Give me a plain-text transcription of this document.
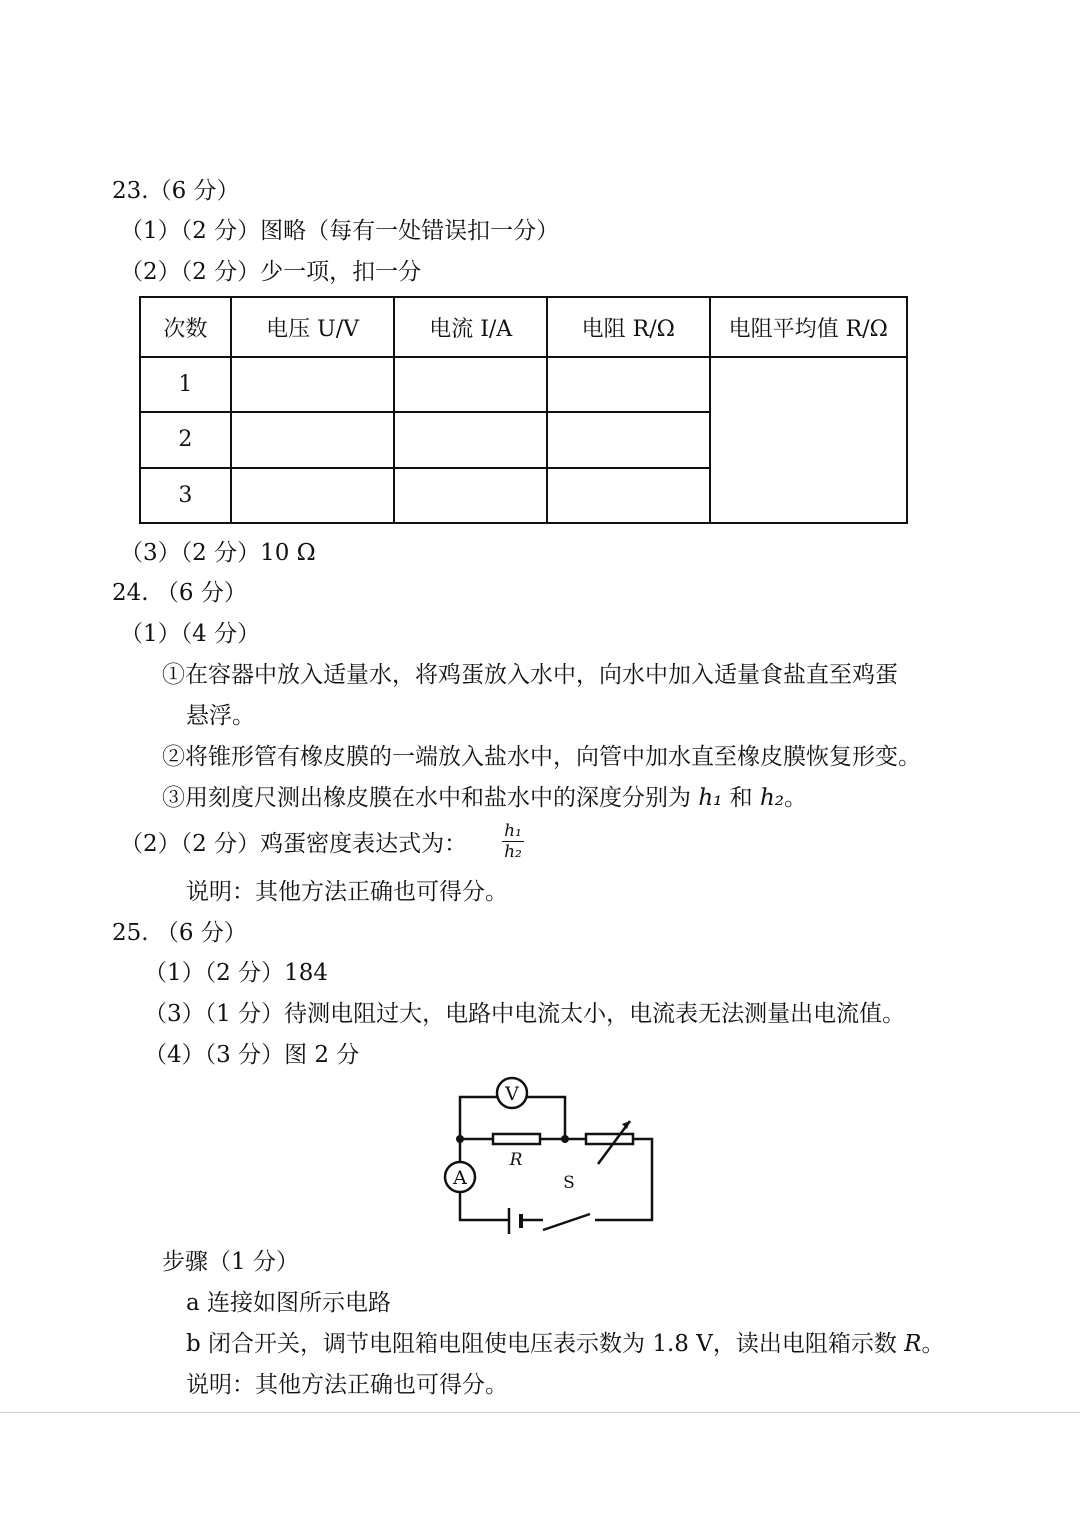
23.（6 分）
（1）（2 分）图略（每有一处错误扣一分）
（2）（2 分）少一项，扣一分
次数	电压 U/V	电流 I/A	电阻 R/Ω	电阻平均值 R/Ω
1				
2				
3				
（3）（2 分）10 Ω
24. （6 分）
（1）（4 分）
①在容器中放入适量水，将鸡蛋放入水中，向水中加入适量食盐直至鸡蛋
悬浮。
②将锥形管有橡皮膜的一端放入盐水中，向管中加水直至橡皮膜恢复形变。
③用刻度尺测出橡皮膜在水中和盐水中的深度分别为 h₁ 和 h₂。
（2）（2 分）鸡蛋密度表达式为： h₁
h₂
说明：其他方法正确也可得分。
25. （6 分）
（1）（2 分）184
（3）（1 分）待测电阻过大，电路中电流太小，电流表无法测量出电流值。
（4）（3 分）图 2 分
V
A
R
S
步骤（1 分）
a 连接如图所示电路
b 闭合开关，调节电阻箱电阻使电压表示数为 1.8 V，读出电阻箱示数 R。
说明：其他方法正确也可得分。
